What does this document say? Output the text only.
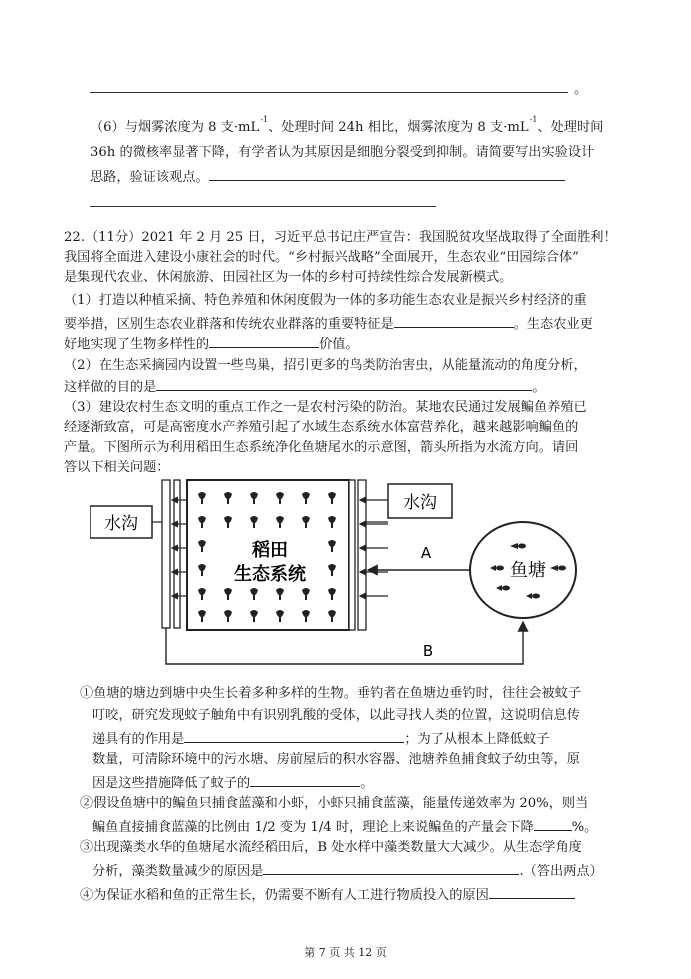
。
（6）与烟雾浓度为 8 支$\cdot mL^{-1}$、处理时间 24h 相比，烟雾浓度为 8 支$\cdot mL^{-1}$、处理时间
36h 的微核率显著下降，有学者认为其原因是细胞分裂受到抑制。请简要写出实验设计
思路，验证该观点。
22.（11分）2021 年 2 月 25 日，习近平总书记庄严宣告：我国脱贫攻坚战取得了全面胜利！
我国将全面进入建设小康社会的时代。“乡村振兴战略”全面展开，生态农业“田园综合体”
是集现代农业、休闲旅游、田园社区为一体的乡村可持续性综合发展新模式。
（1）打造以种植采摘、特色养殖和休闲度假为一体的多功能生态农业是振兴乡村经济的重
要举措，区别生态农业群落和传统农业群落的重要特征是	。生态农业更
好地实现了生物多样性的	价值。
（2）在生态采摘园内设置一些鸟巢，招引更多的鸟类防治害虫，从能量流动的角度分析，
这样做的目的是	。
（3）建设农村生态文明的重点工作之一是农村污染的防治。某地农民通过发展鳊鱼养殖已
经逐渐致富，可是高密度水产养殖引起了水域生态系统水体富营养化，越来越影响鳊鱼的
产量。下图所示为利用稻田生态系统净化鱼塘尾水的示意图，箭头所指为水流方向。请回
答以下相关问题：
水沟
稻田
生态系统
水沟
A
鱼塘
B
①鱼塘的塘边到塘中央生长着多种多样的生物。垂钓者在鱼塘边垂钓时，往往会被蚊子
叮咬，研究发现蚊子触角中有识别乳酸的受体，以此寻找人类的位置，这说明信息传
递具有的作用是	；为了从根本上降低蚊子
数量，可清除环境中的污水塘、房前屋后的积水容器、池塘养鱼捕食蚊子幼虫等，原
因是这些措施降低了蚊子的	。
②假设鱼塘中的鳊鱼只捕食蓝藻和小虾，小虾只捕食蓝藻，能量传递效率为 20%，则当
鳊鱼直接捕食蓝藻的比例由 1/2 变为 1/4 时，理论上来说鳊鱼的产量会下降	%。
③出现藻类水华的鱼塘尾水流经稻田后，B 处水样中藻类数量大大减少。从生态学角度
分析，藻类数量减少的原因是	.（答出两点）
④为保证水稻和鱼的正常生长，仍需要不断有人工进行物质投入的原因
第 7 页 共 12 页
